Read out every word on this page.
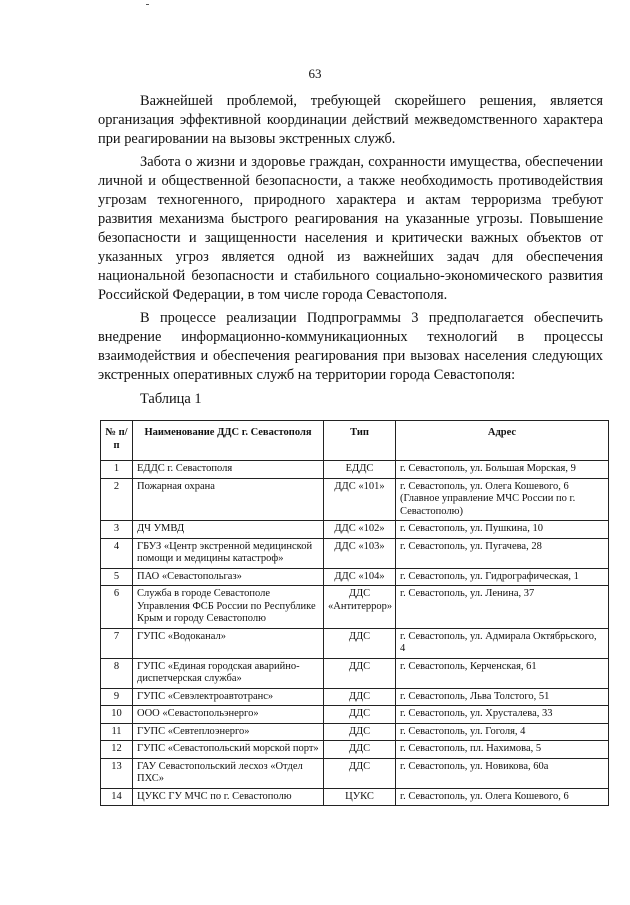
63

Важнейшей проблемой, требующей скорейшего решения, является организация эффективной координации действий межведомственного характера при реагировании на вызовы экстренных служб.

Забота о жизни и здоровье граждан, сохранности имущества, обеспечении личной и общественной безопасности, а также необходимость противодействия угрозам техногенного, природного характера и актам терроризма требуют развития механизма быстрого реагирования на указанные угрозы. Повышение безопасности и защищенности населения и критически важных объектов от указанных угроз является одной из важнейших задач для обеспечения национальной безопасности и стабильного социально-экономического развития Российской Федерации, в том числе города Севастополя.

В процессе реализации Подпрограммы 3 предполагается обеспечить внедрение информационно-коммуникационных технологий в процессы взаимодействия и обеспечения реагирования при вызовах населения следующих экстренных оперативных служб на территории города Севастополя:

Таблица 1
№ п/п	Наименование ДДС г. Севастополя	Тип	Адрес
1	ЕДДС г. Севастополя	ЕДДС	г. Севастополь, ул. Большая Морская, 9
2	Пожарная охрана	ДДС «101»	г. Севастополь, ул. Олега Кошевого, 6 (Главное управление МЧС России по г. Севастополю)
3	ДЧ УМВД	ДДС «102»	г. Севастополь, ул. Пушкина, 10
4	ГБУЗ «Центр экстренной медицинской помощи и медицины катастроф»	ДДС «103»	г. Севастополь, ул. Пугачева, 28
5	ПАО «Севастопольгаз»	ДДС «104»	г. Севастополь, ул. Гидрографическая, 1
6	Служба в городе Севастополе Управления ФСБ России по Республике Крым и городу Севастополю	ДДС «Антитеррор»	г. Севастополь, ул. Ленина, 37
7	ГУПС «Водоканал»	ДДС	г. Севастополь, ул. Адмирала Октябрьского, 4
8	ГУПС «Единая городская аварийно-диспетчерская служба»	ДДС	г. Севастополь, Керченская, 61
9	ГУПС «Севэлектроавтотранс»	ДДС	г. Севастополь, Льва Толстого, 51
10	ООО «Севастопольэнерго»	ДДС	г. Севастополь, ул. Хрусталева, 33
11	ГУПС «Севтеплоэнерго»	ДДС	г. Севастополь, ул. Гоголя, 4
12	ГУПС «Севастопольский морской порт»	ДДС	г. Севастополь, пл. Нахимова, 5
13	ГАУ Севастопольский лесхоз «Отдел ПХС»	ДДС	г. Севастополь, ул. Новикова, 60а
14	ЦУКС ГУ МЧС по г. Севастополю	ЦУКС	г. Севастополь, ул. Олега Кошевого, 6
